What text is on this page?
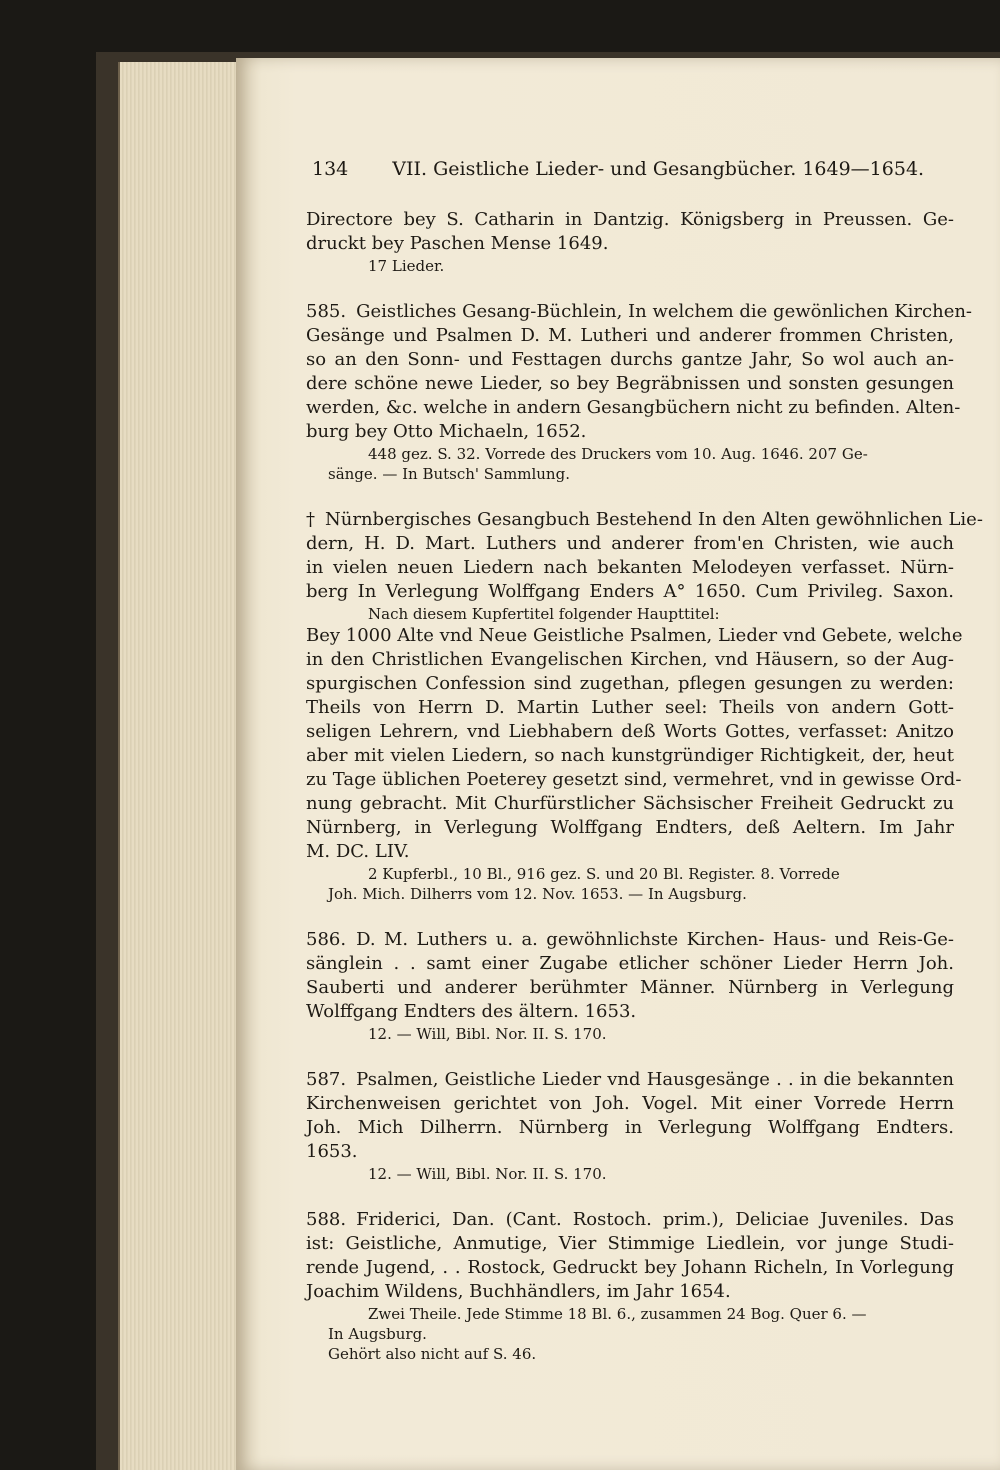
134 VII. Geistliche Lieder- und Gesangbücher. 1649—1654.
Directore bey S. Catharin in Dantzig. Königsberg in Preussen. Ge-
druckt bey Paschen Mense 1649.
17 Lieder.
585. Geistliches Gesang-Büchlein, In welchem die gewönlichen Kirchen-
Gesänge und Psalmen D. M. Lutheri und anderer frommen Christen,
so an den Sonn- und Festtagen durchs gantze Jahr, So wol auch an-
dere schöne newe Lieder, so bey Begräbnissen und sonsten gesungen
werden, &c. welche in andern Gesangbüchern nicht zu befinden. Alten-
burg bey Otto Michaeln, 1652.
448 gez. S. 32. Vorrede des Druckers vom 10. Aug. 1646. 207 Ge-
sänge. — In Butsch' Sammlung.
† Nürnbergisches Gesangbuch Bestehend In den Alten gewöhnlichen Lie-
dern, H. D. Mart. Luthers und anderer from'en Christen, wie auch
in vielen neuen Liedern nach bekanten Melodeyen verfasset. Nürn-
berg In Verlegung Wolffgang Enders A° 1650. Cum Privileg. Saxon.
Nach diesem Kupfertitel folgender Haupttitel:
Bey 1000 Alte vnd Neue Geistliche Psalmen, Lieder vnd Gebete, welche
in den Christlichen Evangelischen Kirchen, vnd Häusern, so der Aug-
spurgischen Confession sind zugethan, pflegen gesungen zu werden:
Theils von Herrn D. Martin Luther seel: Theils von andern Gott-
seligen Lehrern, vnd Liebhabern deß Worts Gottes, verfasset: Anitzo
aber mit vielen Liedern, so nach kunstgründiger Richtigkeit, der, heut
zu Tage üblichen Poeterey gesetzt sind, vermehret, vnd in gewisse Ord-
nung gebracht. Mit Churfürstlicher Sächsischer Freiheit Gedruckt zu
Nürnberg, in Verlegung Wolffgang Endters, deß Aeltern. Im Jahr
M. DC. LIV.
2 Kupferbl., 10 Bl., 916 gez. S. und 20 Bl. Register. 8. Vorrede
Joh. Mich. Dilherrs vom 12. Nov. 1653. — In Augsburg.
586. D. M. Luthers u. a. gewöhnlichste Kirchen- Haus- und Reis-Ge-
sänglein . . samt einer Zugabe etlicher schöner Lieder Herrn Joh.
Sauberti und anderer berühmter Männer. Nürnberg in Verlegung
Wolffgang Endters des ältern. 1653.
12. — Will, Bibl. Nor. II. S. 170.
587. Psalmen, Geistliche Lieder vnd Hausgesänge . . in die bekannten
Kirchenweisen gerichtet von Joh. Vogel. Mit einer Vorrede Herrn
Joh. Mich Dilherrn. Nürnberg in Verlegung Wolffgang Endters.
1653.
12. — Will, Bibl. Nor. II. S. 170.
588. Friderici, Dan. (Cant. Rostoch. prim.), Deliciae Juveniles. Das
ist: Geistliche, Anmutige, Vier Stimmige Liedlein, vor junge Studi-
rende Jugend, . . Rostock, Gedruckt bey Johann Richeln, In Vorlegung
Joachim Wildens, Buchhändlers, im Jahr 1654.
Zwei Theile. Jede Stimme 18 Bl. 6., zusammen 24 Bog. Quer 6. —
In Augsburg.
Gehört also nicht auf S. 46.
